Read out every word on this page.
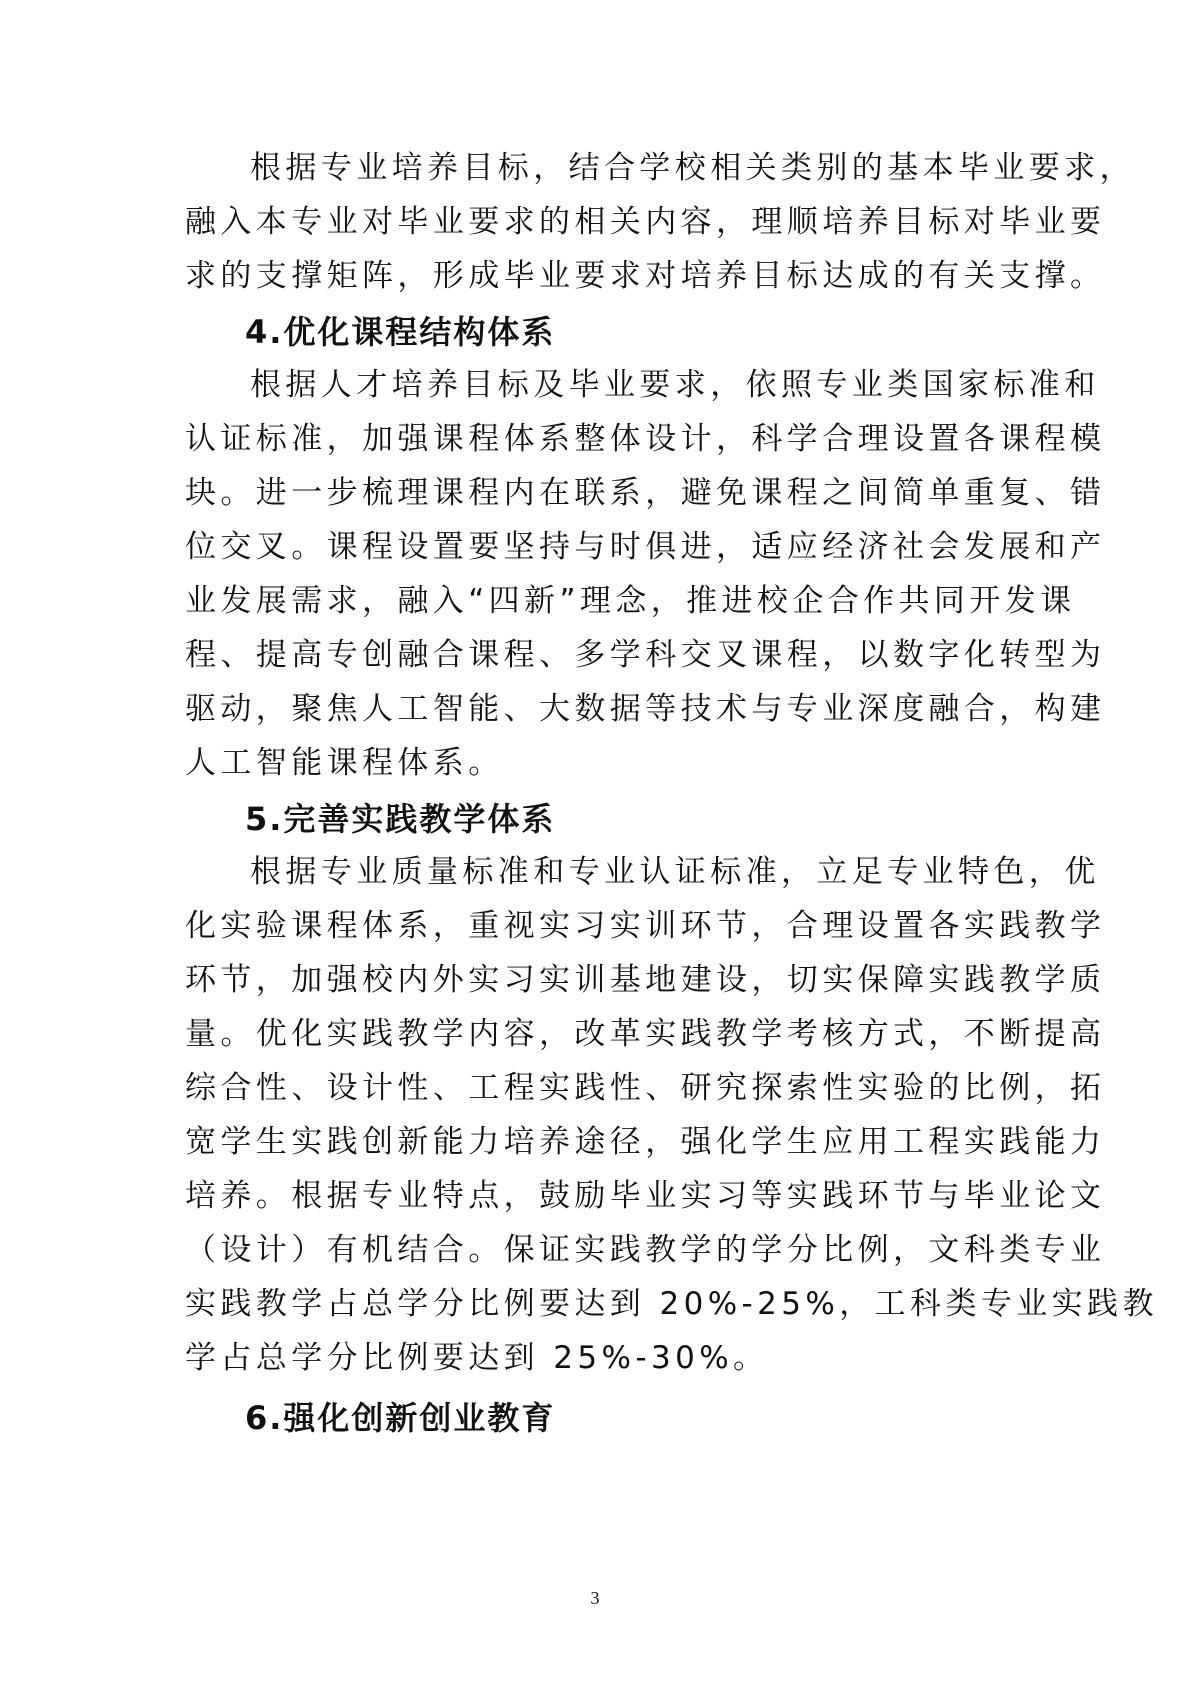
根据专业培养目标，结合学校相关类别的基本毕业要求，
融入本专业对毕业要求的相关内容，理顺培养目标对毕业要
求的支撑矩阵，形成毕业要求对培养目标达成的有关支撑。
4.优化课程结构体系
根据人才培养目标及毕业要求，依照专业类国家标准和
认证标准，加强课程体系整体设计，科学合理设置各课程模
块。进一步梳理课程内在联系，避免课程之间简单重复、错
位交叉。课程设置要坚持与时俱进，适应经济社会发展和产
业发展需求，融入“四新”理念，推进校企合作共同开发课
程、提高专创融合课程、多学科交叉课程，以数字化转型为
驱动，聚焦人工智能、大数据等技术与专业深度融合，构建
人工智能课程体系。
5.完善实践教学体系
根据专业质量标准和专业认证标准，立足专业特色，优
化实验课程体系，重视实习实训环节，合理设置各实践教学
环节，加强校内外实习实训基地建设，切实保障实践教学质
量。优化实践教学内容，改革实践教学考核方式，不断提高
综合性、设计性、工程实践性、研究探索性实验的比例，拓
宽学生实践创新能力培养途径，强化学生应用工程实践能力
培养。根据专业特点，鼓励毕业实习等实践环节与毕业论文
（设计）有机结合。保证实践教学的学分比例，文科类专业
实践教学占总学分比例要达到 20%-25%，工科类专业实践教
学占总学分比例要达到 25%-30%。
6.强化创新创业教育
3
